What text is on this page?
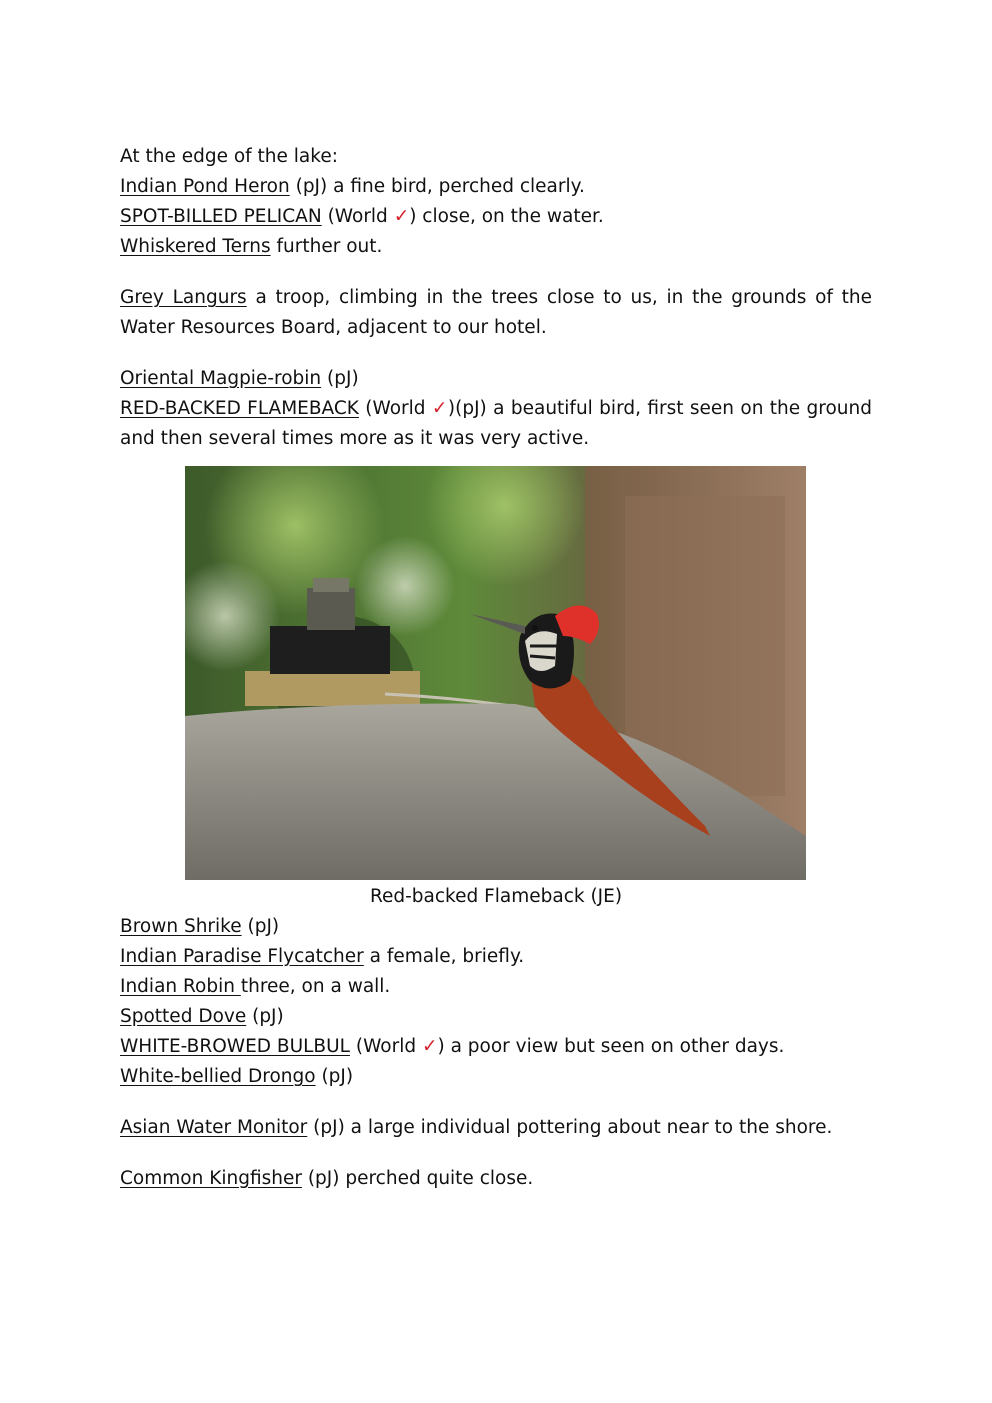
At the edge of the lake:
Indian Pond Heron (pJ) a fine bird, perched clearly.
SPOT-BILLED PELICAN (World ✓) close, on the water.
Whiskered Terns further out.
Grey Langurs a troop, climbing in the trees close to us, in the grounds of the Water Resources Board, adjacent to our hotel.
Oriental Magpie-robin (pJ)
RED-BACKED FLAMEBACK (World ✓)(pJ) a beautiful bird, first seen on the ground and then several times more as it was very active.
Red-backed Flameback (JE)
Brown Shrike (pJ)
Indian Paradise Flycatcher a female, briefly.
Indian Robin three, on a wall.
Spotted Dove (pJ)
WHITE-BROWED BULBUL (World ✓) a poor view but seen on other days.
White-bellied Drongo (pJ)
Asian Water Monitor (pJ) a large individual pottering about near to the shore.
Common Kingfisher (pJ) perched quite close.
